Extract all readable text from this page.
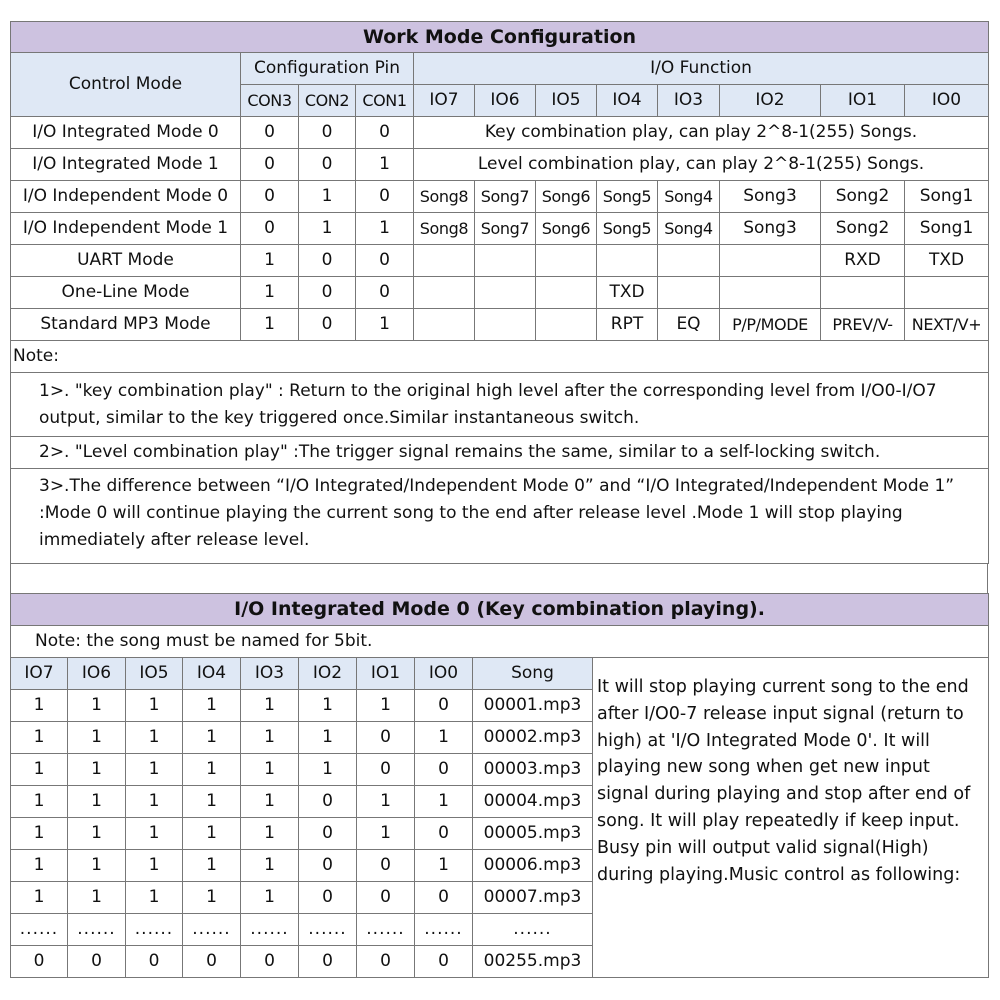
Work Mode Configuration											
Control Mode	Configuration Pin			I/O Function							
	CON3	CON2	CON1	IO7	IO6	IO5	IO4	IO3	IO2	IO1	IO0
I/O Integrated Mode 0	0	0	0	Key combination play, can play 2^8-1(255) Songs.							
I/O Integrated Mode 1	0	0	1	Level combination play, can play 2^8-1(255) Songs.							
I/O Independent Mode 0	0	1	0	Song8	Song7	Song6	Song5	Song4	Song3	Song2	Song1
I/O Independent Mode 1	0	1	1	Song8	Song7	Song6	Song5	Song4	Song3	Song2	Song1
UART Mode	1	0	0							RXD	TXD
One-Line Mode	1	0	0				TXD				
Standard MP3 Mode	1	0	1				RPT	EQ	P/P/MODE	PREV/V-	NEXT/V+
Note:											
1>. "key combination play" : Return to the original high level after the corresponding level from I/O0-I/O7 output, similar to the key triggered once.Similar instantaneous switch.											
2>. "Level combination play" :The trigger signal remains the same, similar to a self-locking switch.											
3>.The difference between “I/O Integrated/Independent Mode 0” and “I/O Integrated/Independent Mode 1” :Mode 0 will continue playing the current song to the end after release level .Mode 1 will stop playing immediately after release level.											
I/O Integrated Mode 0 (Key combination playing).									
Note: the song must be named for 5bit.									
IO7	IO6	IO5	IO4	IO3	IO2	IO1	IO0	Song	It will stop playing current song to the end after I/O0-7 release input signal (return to high) at 'I/O Integrated Mode 0'. It will playing new song when get new input signal during playing and stop after end of song. It will play repeatedly if keep input. Busy pin will output valid signal(High) during playing.Music control as following:
1	1	1	1	1	1	1	0	00001.mp3	
1	1	1	1	1	1	0	1	00002.mp3	
1	1	1	1	1	1	0	0	00003.mp3	
1	1	1	1	1	0	1	1	00004.mp3	
1	1	1	1	1	0	1	0	00005.mp3	
1	1	1	1	1	0	0	1	00006.mp3	
1	1	1	1	1	0	0	0	00007.mp3	
......	......	......	......	......	......	......	......	......	
0	0	0	0	0	0	0	0	00255.mp3	
